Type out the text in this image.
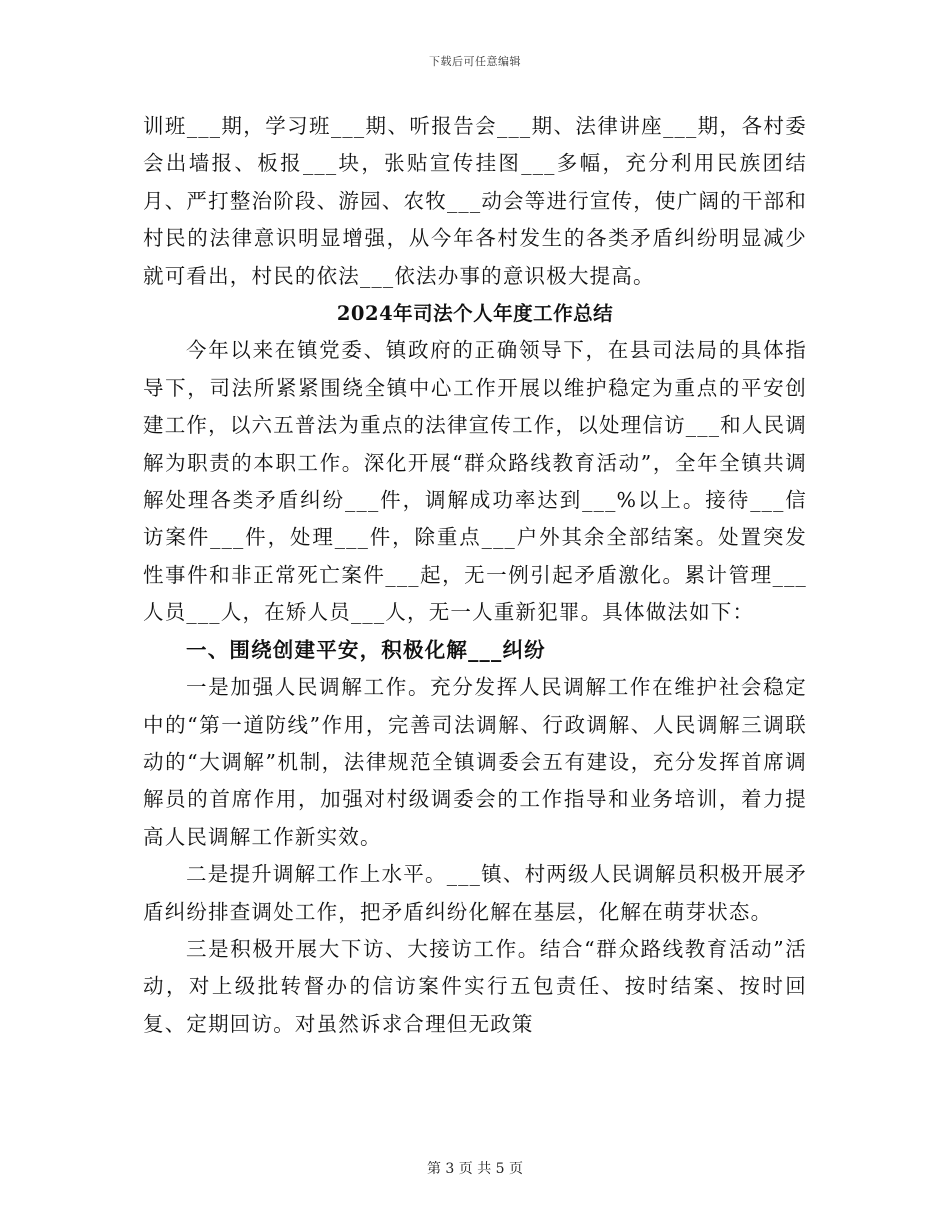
下载后可任意编辑

训班___期，学习班___期、听报告会___期、法律讲座___期，各村委会出墙报、板报___块，张贴宣传挂图___多幅，充分利用民族团结月、严打整治阶段、游园、农牧___动会等进行宣传，使广阔的干部和村民的法律意识明显增强，从今年各村发生的各类矛盾纠纷明显减少就可看出，村民的依法___依法办事的意识极大提高。

2024年司法个人年度工作总结

今年以来在镇党委、镇政府的正确领导下，在县司法局的具体指导下，司法所紧紧围绕全镇中心工作开展以维护稳定为重点的平安创建工作，以六五普法为重点的法律宣传工作，以处理信访___和人民调解为职责的本职工作。深化开展“群众路线教育活动”，全年全镇共调解处理各类矛盾纠纷___件，调解成功率达到___%以上。接待___信访案件___件，处理___件，除重点___户外其余全部结案。处置突发性事件和非正常死亡案件___起，无一例引起矛盾激化。累计管理___人员___人，在矫人员___人，无一人重新犯罪。具体做法如下：

一、围绕创建平安，积极化解___纠纷

一是加强人民调解工作。充分发挥人民调解工作在维护社会稳定中的“第一道防线”作用，完善司法调解、行政调解、人民调解三调联动的“大调解”机制，法律规范全镇调委会五有建设，充分发挥首席调解员的首席作用，加强对村级调委会的工作指导和业务培训，着力提高人民调解工作新实效。

二是提升调解工作上水平。___镇、村两级人民调解员积极开展矛盾纠纷排查调处工作，把矛盾纠纷化解在基层，化解在萌芽状态。

三是积极开展大下访、大接访工作。结合“群众路线教育活动”活动，对上级批转督办的信访案件实行五包责任、按时结案、按时回复、定期回访。对虽然诉求合理但无政策

第 3 页 共 5 页
